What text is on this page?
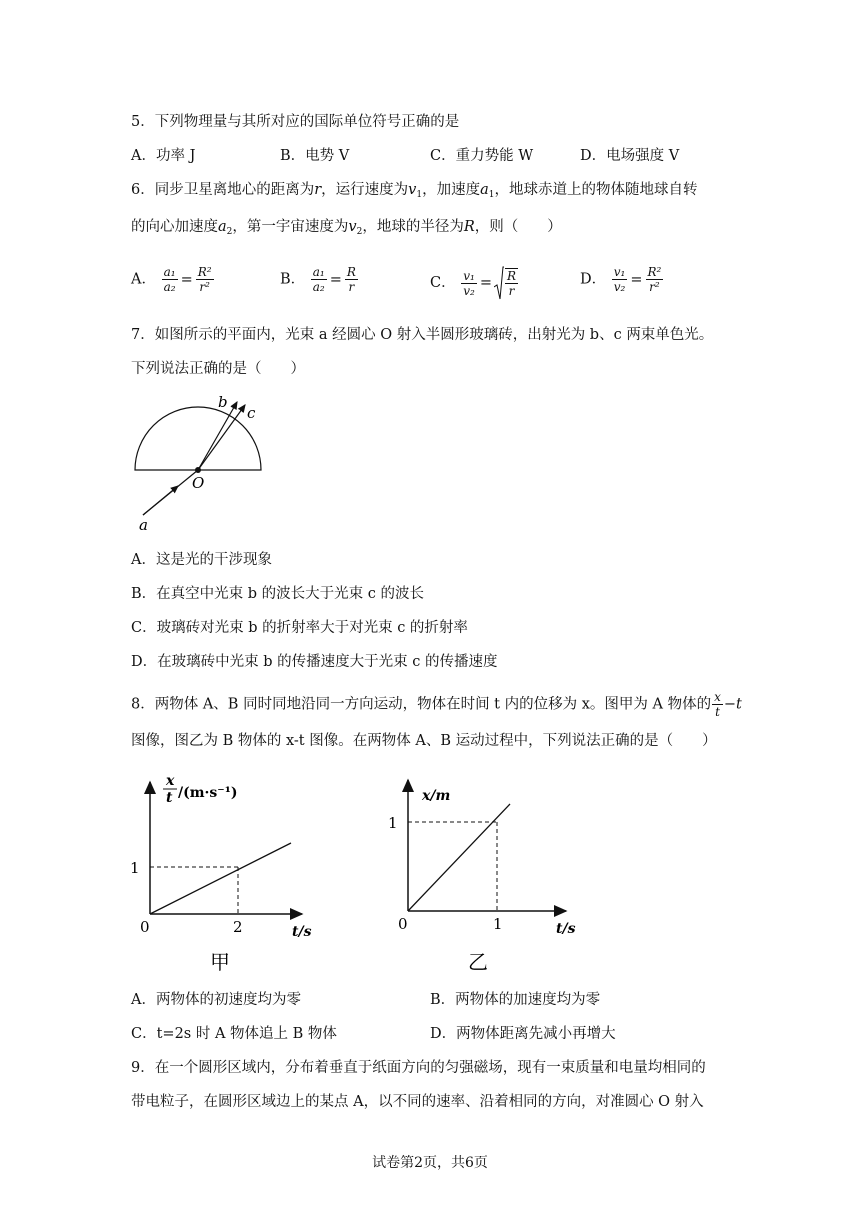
5．下列物理量与其所对应的国际单位符号正确的是
A．功率 J	B．电势 V	C．重力势能 W	D．电场强度 V
6．同步卫星离地心的距离为r，运行速度为$v_1$，加速度$a_1$，地球赤道上的物体随地球自转
的向心加速度$a_2$，第一宇宙速度为$v_2$，地球的半径为R，则（　　）
A． $\frac{\text{a₁}}{\text{a₂}} = \frac{\text{R²}}{\text{r²}}$	B． $\frac{\text{a₁}}{\text{a₂}} = \frac{R}{r}$	C． $\frac{\text{v₁}}{\text{v₂}} = \frac{R}{r}$	D． $\frac{\text{v₁}}{\text{v₂}} = \frac{\text{R²}}{\text{r²}}$
7．如图所示的平面内，光束 a 经圆心 O 射入半圆形玻璃砖，出射光为 b、c 两束单色光。
下列说法正确的是（　　）
b
c
O
a
A．这是光的干涉现象
B．在真空中光束 b 的波长大于光束 c 的波长
C．玻璃砖对光束 b 的折射率大于对光束 c 的折射率
D．在玻璃砖中光束 b 的传播速度大于光束 c 的传播速度
8．两物体 A、B 同时同地沿同一方向运动，物体在时间 t 内的位移为 x。图甲为 A 物体的 $\frac{x}{t} -t$
图像，图乙为 B 物体的 x-t 图像。在两物体 A、B 运动过程中，下列说法正确的是（　　）
x
t /(m·s⁻¹)
1
0	2	t/s
甲
x/m
1
0	1	t/s
乙
A．两物体的初速度均为零	B．两物体的加速度均为零
C．t=2s 时 A 物体追上 B 物体	D．两物体距离先减小再增大
9．在一个圆形区域内，分布着垂直于纸面方向的匀强磁场，现有一束质量和电量均相同的
带电粒子，在圆形区域边上的某点 A，以不同的速率、沿着相同的方向，对准圆心 O 射入
试卷第2页，共6页
